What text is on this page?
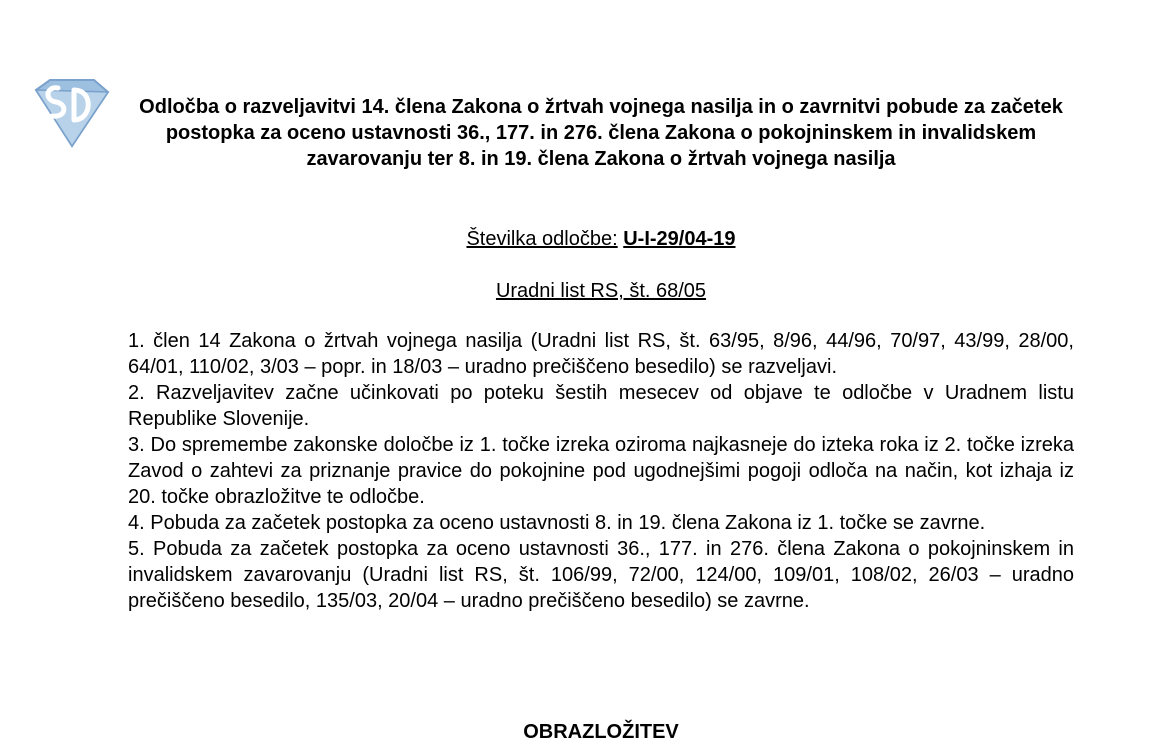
Odločba o razveljavitvi 14. člena Zakona o žrtvah vojnega nasilja in o zavrnitvi pobude za začetek postopka za oceno ustavnosti 36., 177. in 276. člena Zakona o pokojninskem in invalidskem zavarovanju ter 8. in 19. člena Zakona o žrtvah vojnega nasilja
Številka odločbe: U-I-29/04-19
Uradni list RS, št. 68/05

1. člen 14 Zakona o žrtvah vojnega nasilja (Uradni list RS, št. 63/95, 8/96, 44/96, 70/97, 43/99, 28/00, 64/01, 110/02, 3/03 – popr. in 18/03 – uradno prečiščeno besedilo) se razveljavi.

2. Razveljavitev začne učinkovati po poteku šestih mesecev od objave te odločbe v Uradnem listu Republike Slovenije.

3. Do spremembe zakonske določbe iz 1. točke izreka oziroma najkasneje do izteka roka iz 2. točke izreka Zavod o zahtevi za priznanje pravice do pokojnine pod ugodnejšimi pogoji odloča na način, kot izhaja iz 20. točke obrazložitve te odločbe.

4. Pobuda za začetek postopka za oceno ustavnosti 8. in 19. člena Zakona iz 1. točke se zavrne.

5. Pobuda za začetek postopka za oceno ustavnosti 36., 177. in 276. člena Zakona o pokojninskem in invalidskem zavarovanju (Uradni list RS, št. 106/99, 72/00, 124/00, 109/01, 108/02, 26/03 – uradno prečiščeno besedilo, 135/03, 20/04 – uradno prečiščeno besedilo) se zavrne.

OBRAZLOŽITEV
